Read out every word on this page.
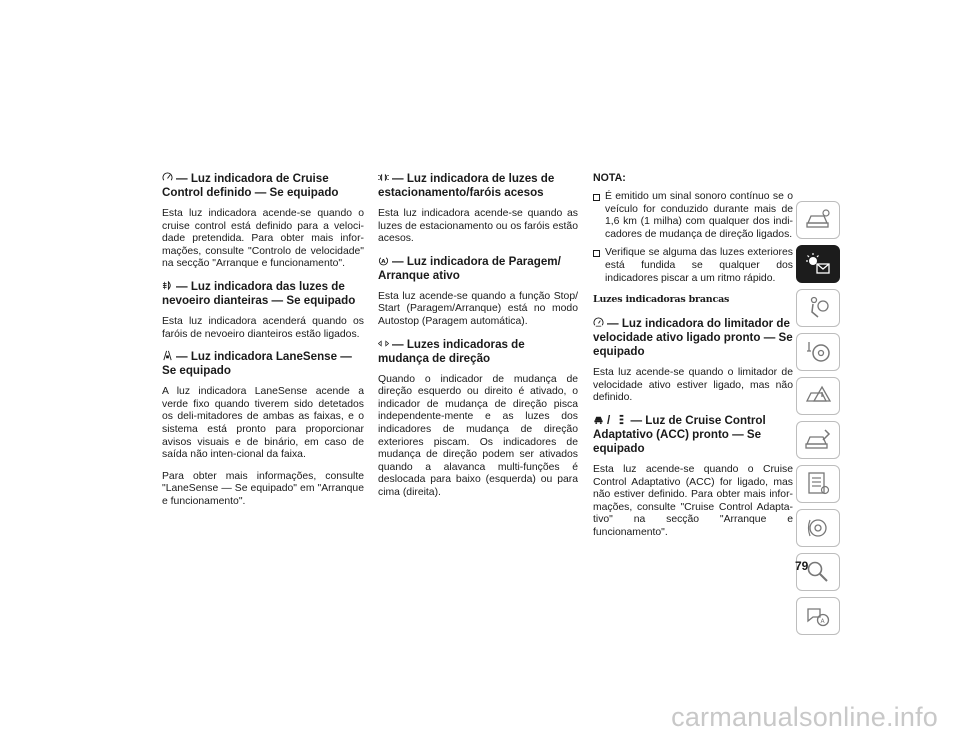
— Luz indicadora de Cruise Control definido — Se equipado

Esta luz indicadora acende-se quando o cruise control está definido para a veloci-dade pretendida. Para obter mais infor-mações, consulte "Controlo de velocidade" na secção "Arranque e funcionamento".

— Luz indicadora das luzes de nevoeiro dianteiras — Se equipado

Esta luz indicadora acenderá quando os faróis de nevoeiro dianteiros estão ligados.

— Luz indicadora LaneSense — Se equipado

A luz indicadora LaneSense acende a verde fixo quando tiverem sido detetados os deli-mitadores de ambas as faixas, e o sistema está pronto para proporcionar avisos visuais e de binário, em caso de saída não inten-cional da faixa.

Para obter mais informações, consulte "LaneSense — Se equipado" em "Arranque e funcionamento".

— Luz indicadora de luzes de estacionamento/faróis acesos

Esta luz indicadora acende-se quando as luzes de estacionamento ou os faróis estão acesos.

A — Luz indicadora de Paragem/ Arranque ativo

Esta luz acende-se quando a função Stop/ Start (Paragem/Arranque) está no modo Autostop (Paragem automática).

— Luzes indicadoras de mudança de direção

Quando o indicador de mudança de direção esquerdo ou direito é ativado, o indicador de mudança de direção pisca independente-mente e as luzes dos indicadores de mudança de direção exteriores piscam. Os indicadores de mudança de direção podem ser ativados quando a alavanca multi-funções é deslocada para baixo (esquerda) ou para cima (direita).

NOTA:
É emitido um sinal sonoro contínuo se o veículo for conduzido durante mais de 1,6 km (1 milha) com qualquer dos indi-cadores de mudança de direção ligados.
Verifique se alguma das luzes exteriores está fundida se qualquer dos indicadores piscar a um ritmo rápido.
Luzes indicadoras brancas
— Luz indicadora do limitador de velocidade ativo ligado pronto — Se equipado

Esta luz acende-se quando o limitador de velocidade ativo estiver ligado, mas não definido.

/ — Luz de Cruise Control Adaptativo (ACC) pronto — Se equipado

Esta luz acende-se quando o Cruise Control Adaptativo (ACC) for ligado, mas não estiver definido. Para obter mais infor-mações, consulte "Cruise Control Adapta-tivo" na secção "Arranque e funcionamento".

A
79
carmanualsonline.info
